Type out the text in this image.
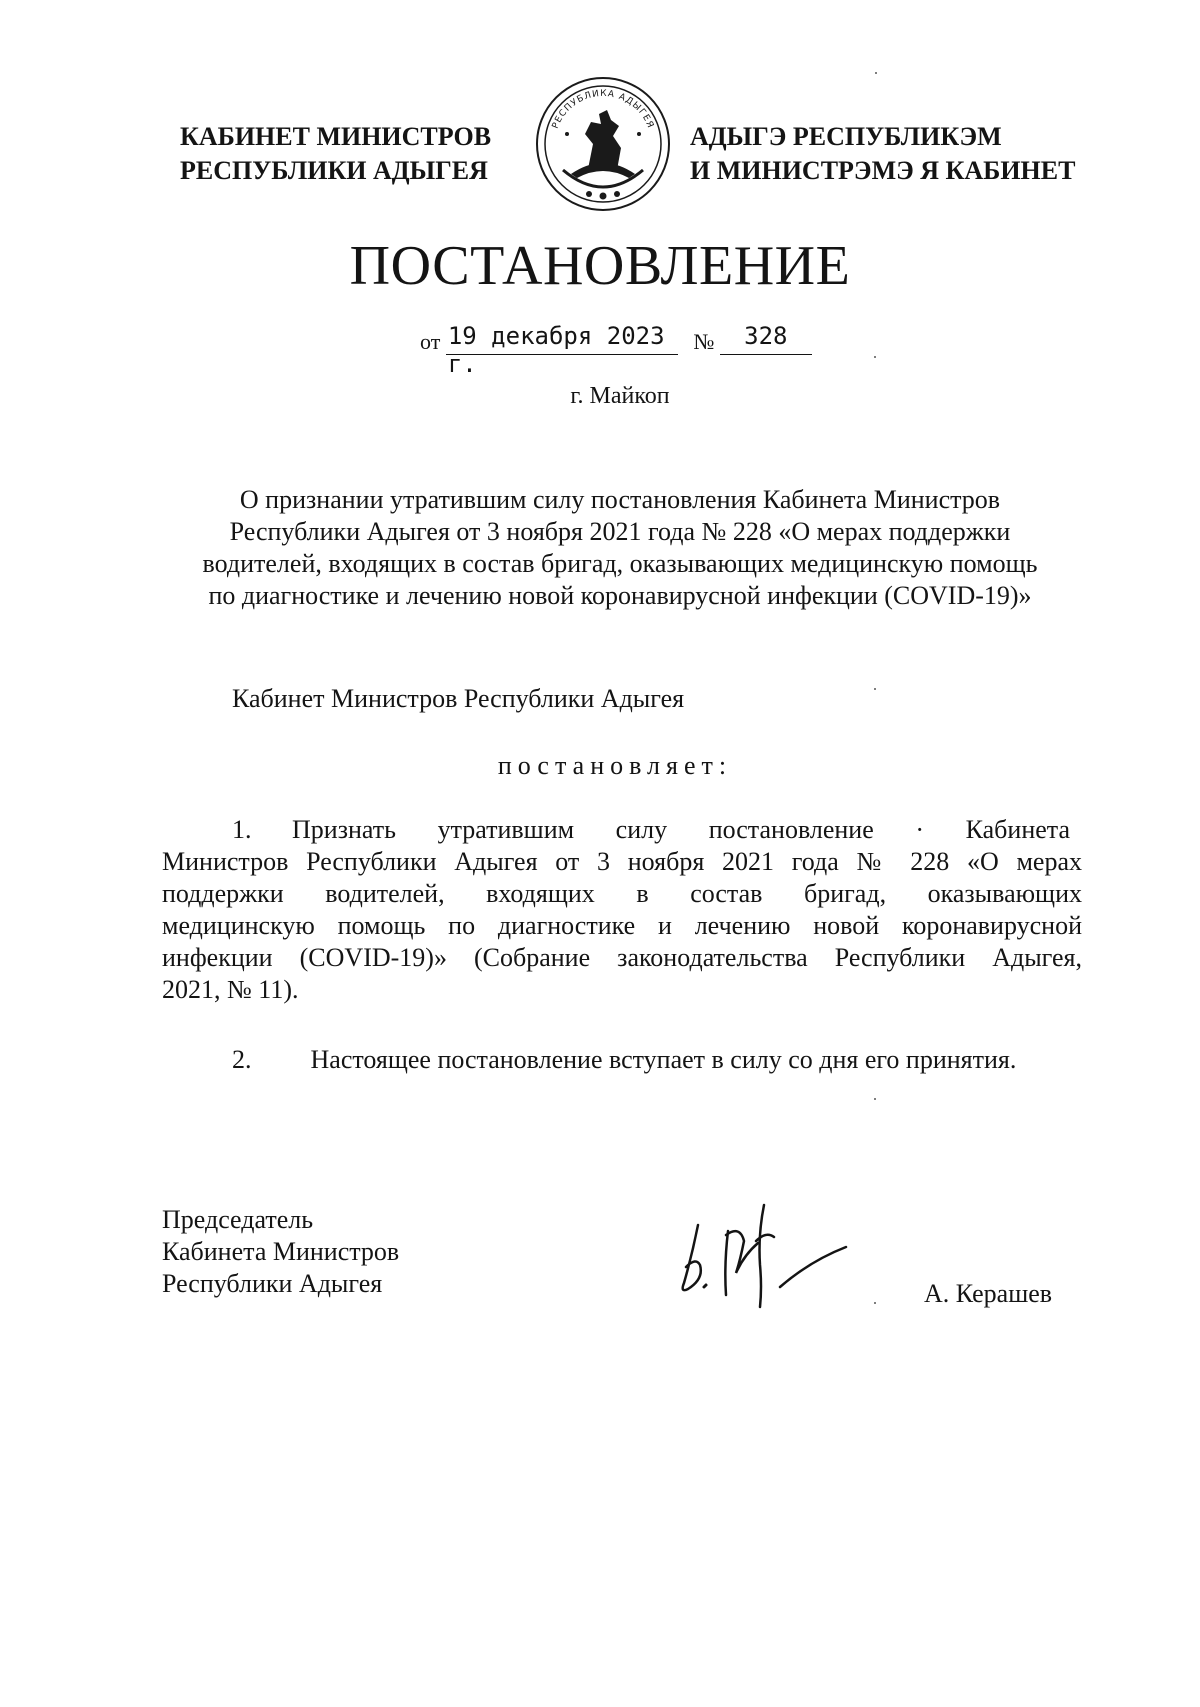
КАБИНЕТ МИНИСТРОВ
РЕСПУБЛИКИ АДЫГЕЯ
РЕСПУБЛИКА АДЫГЕЯ АДЫГЭ РЕСПУБЛИКЭМ
И МИНИСТРЭМЭ Я КАБИНЕТ
ПОСТАНОВЛЕНИЕ
от 19 декабря 2023 г. № 328
г. Майкоп
О признании утратившим силу постановления Кабинета Министров
Республики Адыгея от 3 ноября 2021 года № 228 «О мерах поддержки
водителей, входящих в состав бригад, оказывающих медицинскую помощь
по диагностике и лечению новой коронавирусной инфекции (COVID-19)»
Кабинет Министров Республики Адыгея
постановляет:
1. Признать утратившим силу постановление · Кабинета
Министров Республики Адыгея от 3 ноября 2021 года № 228 «О мерах
поддержки водителей, входящих в состав бригад, оказывающих
медицинскую помощь по диагностике и лечению новой коронавирусной
инфекции (COVID-19)» (Собрание законодательства Республики Адыгея,
2021, № 11).
2. Настоящее постановление вступает в силу со дня его принятия.
Председатель
Кабинета Министров
Республики Адыгея	А. Керашев
